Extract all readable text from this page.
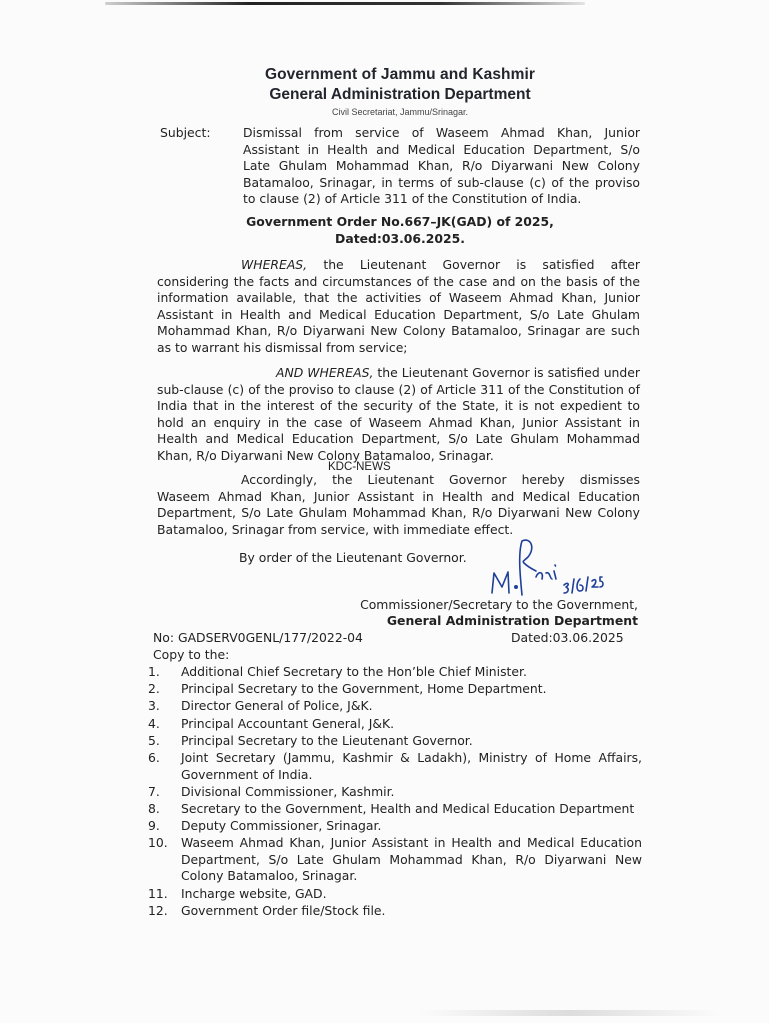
Government of Jammu and Kashmir
General Administration Department
Civil Secretariat, Jammu/Srinagar.
Subject:	Dismissal from service of Waseem Ahmad Khan, Junior Assistant in Health and Medical Education Department, S/o Late Ghulam Mohammad Khan, R/o Diyarwani New Colony Batamaloo, Srinagar, in terms of sub-clause (c) of the proviso to clause (2) of Article 311 of the Constitution of India.
Government Order No.667–JK(GAD) of 2025,
Dated:03.06.2025.
WHEREAS, the Lieutenant Governor is satisfied after considering the facts and circumstances of the case and on the basis of the information available, that the activities of Waseem Ahmad Khan, Junior Assistant in Health and Medical Education Department, S/o Late Ghulam Mohammad Khan, R/o Diyarwani New Colony Batamaloo, Srinagar are such as to warrant his dismissal from service;
AND WHEREAS, the Lieutenant Governor is satisfied under sub-clause (c) of the proviso to clause (2) of Article 311 of the Constitution of India that in the interest of the security of the State, it is not expedient to hold an enquiry in the case of Waseem Ahmad Khan, Junior Assistant in Health and Medical Education Department, S/o Late Ghulam Mohammad Khan, R/o Diyarwani New Colony Batamaloo, Srinagar.
KDC-NEWS
Accordingly, the Lieutenant Governor hereby dismisses Waseem Ahmad Khan, Junior Assistant in Health and Medical Education Department, S/o Late Ghulam Mohammad Khan, R/o Diyarwani New Colony Batamaloo, Srinagar from service, with immediate effect.
By order of the Lieutenant Governor.
Commissioner/Secretary to the Government,
General Administration Department
No: GADSERV0GENL/177/2022-04	Dated:03.06.2025
Copy to the:
1.	Additional Chief Secretary to the Hon’ble Chief Minister.
2.	Principal Secretary to the Government, Home Department.
3.	Director General of Police, J&K.
4.	Principal Accountant General, J&K.
5.	Principal Secretary to the Lieutenant Governor.
6.	Joint Secretary (Jammu, Kashmir & Ladakh), Ministry of Home Affairs, Government of India.
7.	Divisional Commissioner, Kashmir.
8.	Secretary to the Government, Health and Medical Education Department
9.	Deputy Commissioner, Srinagar.
10.	Waseem Ahmad Khan, Junior Assistant in Health and Medical Education Department, S/o Late Ghulam Mohammad Khan, R/o Diyarwani New Colony Batamaloo, Srinagar.
11.	Incharge website, GAD.
12.	Government Order file/Stock file.
